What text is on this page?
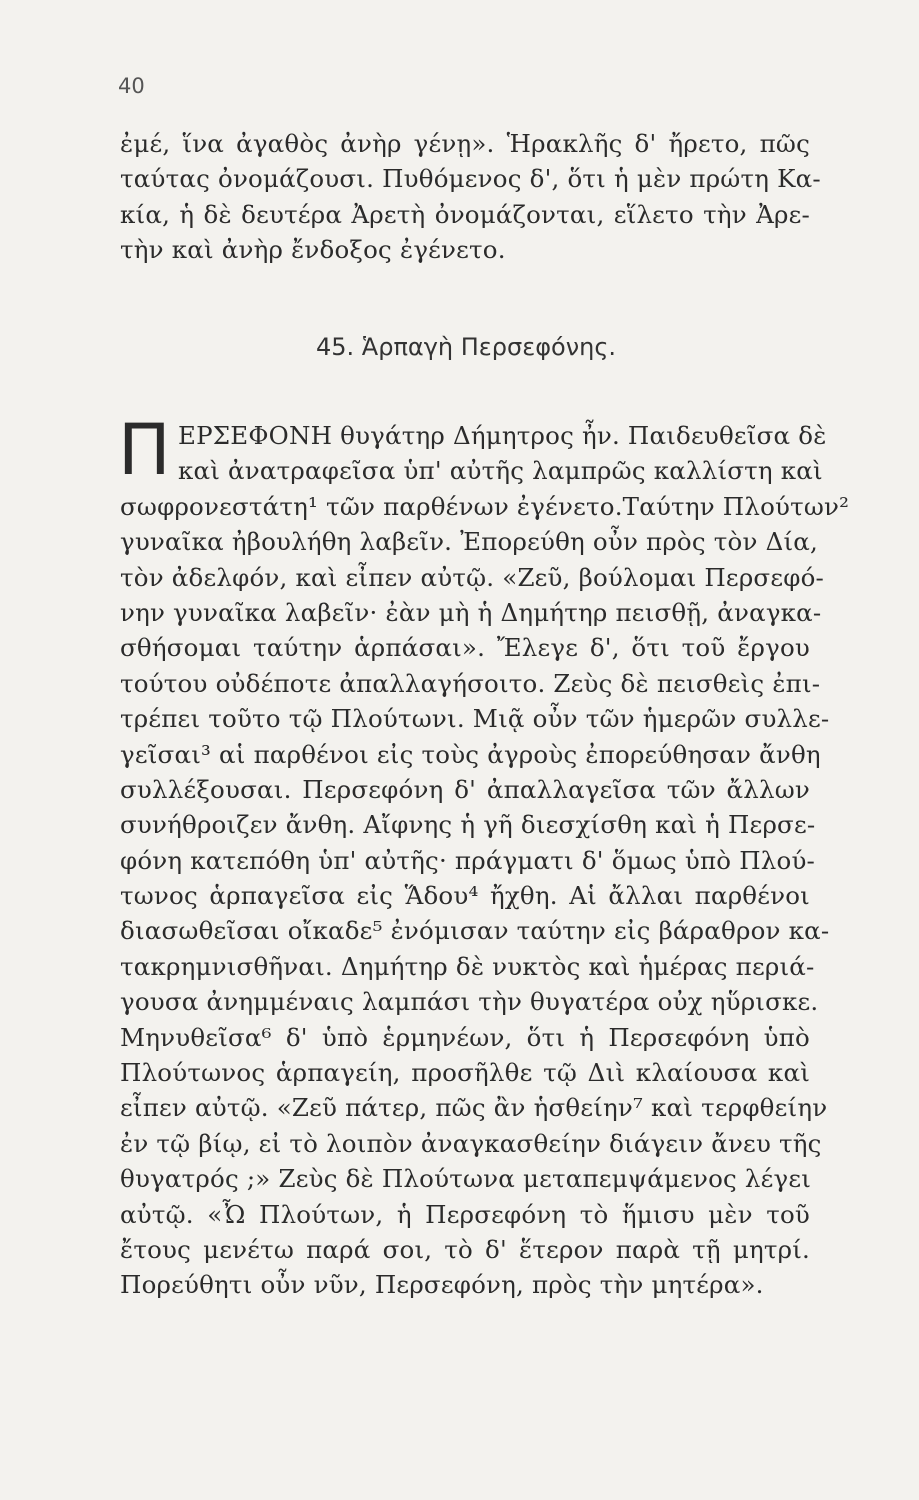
40
ἐμέ, ἵνα ἀγαθὸς ἀνὴρ γένῃ». Ἡρακλῆς δ' ἤρετο, πῶς
ταύτας ὀνομάζουσι. Πυθόμενος δ', ὅτι ἡ μὲν πρώτη Κα-
κία, ἡ δὲ δευτέρα Ἀρετὴ ὀνομάζονται, εἵλετο τὴν Ἀρε-
τὴν καὶ ἀνὴρ ἔνδοξος ἐγένετο.
45. Ἁρπαγὴ Περσεφόνης.
Π ΕΡΣΕΦΟΝΗ θυγάτηρ Δήμητρος ἦν. Παιδευθεῖσα δὲ
καὶ ἀνατραφεῖσα ὑπ' αὐτῆς λαμπρῶς καλλίστη καὶ
σωφρονεστάτη¹ τῶν παρθένων ἐγένετο.Ταύτην Πλούτων²
γυναῖκα ἠβουλήθη λαβεῖν. Ἐπορεύθη οὖν πρὸς τὸν Δία,
τὸν ἀδελφόν, καὶ εἶπεν αὐτῷ. «Ζεῦ, βούλομαι Περσεφό-
νην γυναῖκα λαβεῖν· ἐὰν μὴ ἡ Δημήτηρ πεισθῇ, ἀναγκα-
σθήσομαι ταύτην ἁρπάσαι». Ἔλεγε δ', ὅτι τοῦ ἔργου
τούτου οὐδέποτε ἀπαλλαγήσοιτο. Ζεὺς δὲ πεισθεὶς ἐπι-
τρέπει τοῦτο τῷ Πλούτωνι. Μιᾷ οὖν τῶν ἡμερῶν συλλε-
γεῖσαι³ αἱ παρθένοι εἰς τοὺς ἀγροὺς ἐπορεύθησαν ἄνθη
συλλέξουσαι. Περσεφόνη δ' ἀπαλλαγεῖσα τῶν ἄλλων
συνήθροιζεν ἄνθη. Αἴφνης ἡ γῆ διεσχίσθη καὶ ἡ Περσε-
φόνη κατεπόθη ὑπ' αὐτῆς· πράγματι δ' ὅμως ὑπὸ Πλού-
τωνος ἁρπαγεῖσα εἰς Ἅδου⁴ ἤχθη. Αἱ ἄλλαι παρθένοι
διασωθεῖσαι οἴκαδε⁵ ἐνόμισαν ταύτην εἰς βάραθρον κα-
τακρημνισθῆναι. Δημήτηρ δὲ νυκτὸς καὶ ἡμέρας περιά-
γουσα ἀνημμέναις λαμπάσι τὴν θυγατέρα οὐχ ηὕρισκε.
Μηνυθεῖσα⁶ δ' ὑπὸ ἑρμηνέων, ὅτι ἡ Περσεφόνη ὑπὸ
Πλούτωνος ἁρπαγείη, προσῆλθε τῷ Διὶ κλαίουσα καὶ
εἶπεν αὐτῷ. «Ζεῦ πάτερ, πῶς ἂν ἡσθείην⁷ καὶ τερφθείην
ἐν τῷ βίῳ, εἰ τὸ λοιπὸν ἀναγκασθείην διάγειν ἄνευ τῆς
θυγατρός ;» Ζεὺς δὲ Πλούτωνα μεταπεμψάμενος λέγει
αὐτῷ. «Ὦ Πλούτων, ἡ Περσεφόνη τὸ ἥμισυ μὲν τοῦ
ἔτους μενέτω παρά σοι, τὸ δ' ἕτερον παρὰ τῇ μητρί.
Πορεύθητι οὖν νῦν, Περσεφόνη, πρὸς τὴν μητέρα».
